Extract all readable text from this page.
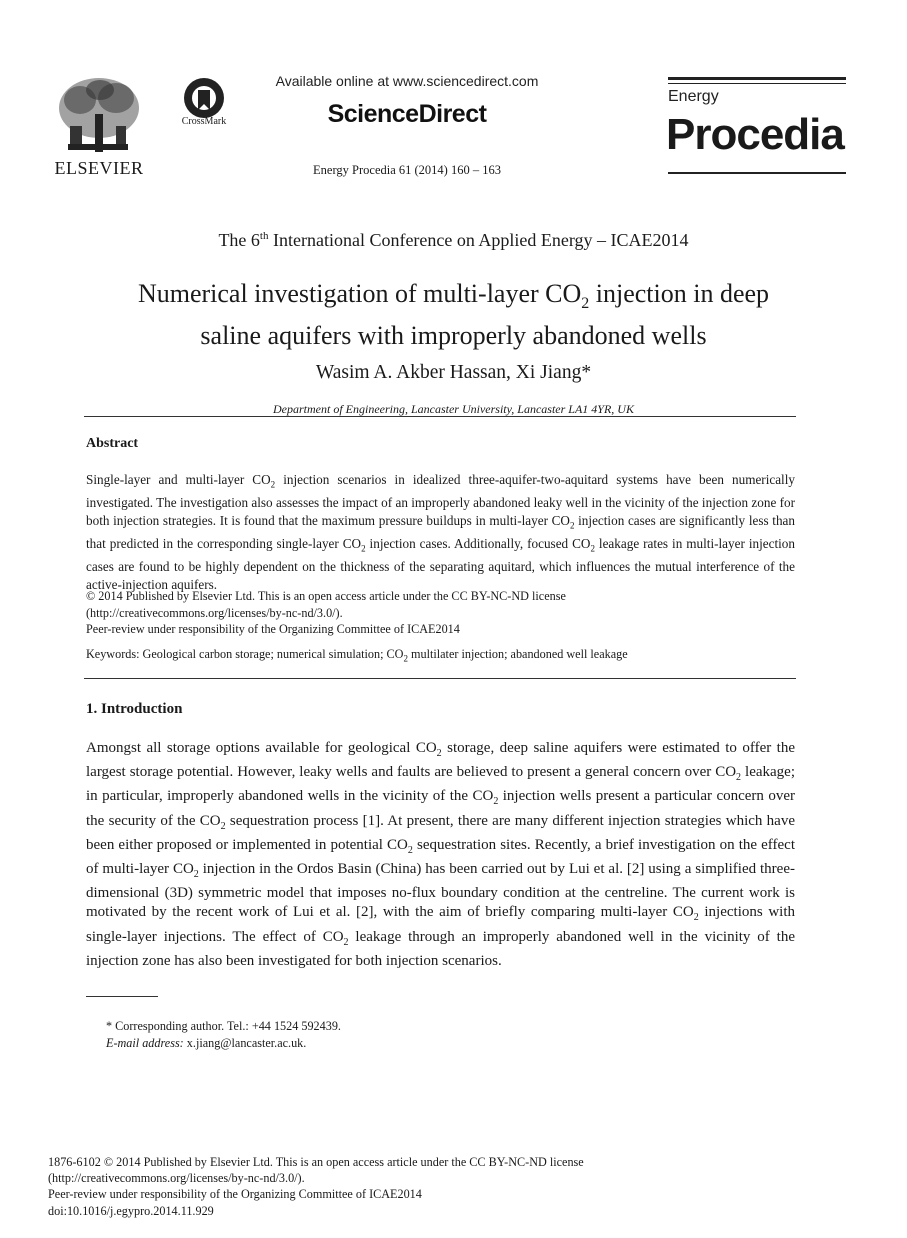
ELSEVIER
CrossMark
Available online at www.sciencedirect.com
ScienceDirect
Energy Procedia 61 (2014) 160 – 163
Energy
Procedia
The 6th International Conference on Applied Energy – ICAE2014
Numerical investigation of multi-layer $CO_2$ injection in deep
saline aquifers with improperly abandoned wells
Wasim A. Akber Hassan, Xi Jiang*
Department of Engineering, Lancaster University, Lancaster LA1 4YR, UK
Abstract
Single-layer and multi-layer $CO_2$ injection scenarios in idealized three-aquifer-two-aquitard systems have been numerically investigated. The investigation also assesses the impact of an improperly abandoned leaky well in the vicinity of the injection zone for both injection strategies. It is found that the maximum pressure buildups in multi-layer $CO_2$ injection cases are significantly less than that predicted in the corresponding single-layer $CO_2$ injection cases. Additionally, focused $CO_2$ leakage rates in multi-layer injection cases are found to be highly dependent on the thickness of the separating aquitard, which influences the mutual interference of the active-injection aquifers.
© 2014 Published by Elsevier Ltd. This is an open access article under the CC BY-NC-ND license
(http://creativecommons.org/licenses/by-nc-nd/3.0/).
Peer-review under responsibility of the Organizing Committee of ICAE2014
Keywords: Geological carbon storage; numerical simulation; $CO_2$ multilater injection; abandoned well leakage
1. Introduction
Amongst all storage options available for geological $CO_2$ storage, deep saline aquifers were estimated to offer the largest storage potential. However, leaky wells and faults are believed to present a general concern over $CO_2$ leakage; in particular, improperly abandoned wells in the vicinity of the $CO_2$ injection wells present a particular concern over the security of the $CO_2$ sequestration process [1]. At present, there are many different injection strategies which have been either proposed or implemented in potential $CO_2$ sequestration sites. Recently, a brief investigation on the effect of multi-layer $CO_2$ injection in the Ordos Basin (China) has been carried out by Lui et al. [2] using a simplified three-dimensional (3D) symmetric model that imposes no-flux boundary condition at the centreline. The current work is motivated by the recent work of Lui et al. [2], with the aim of briefly comparing multi-layer $CO_2$ injections with single-layer injections. The effect of $CO_2$ leakage through an improperly abandoned well in the vicinity of the injection zone has also been investigated for both injection scenarios.
* Corresponding author. Tel.: +44 1524 592439.
E-mail address: x.jiang@lancaster.ac.uk.
1876-6102 © 2014 Published by Elsevier Ltd. This is an open access article under the CC BY-NC-ND license
(http://creativecommons.org/licenses/by-nc-nd/3.0/).
Peer-review under responsibility of the Organizing Committee of ICAE2014
doi:10.1016/j.egypro.2014.11.929
